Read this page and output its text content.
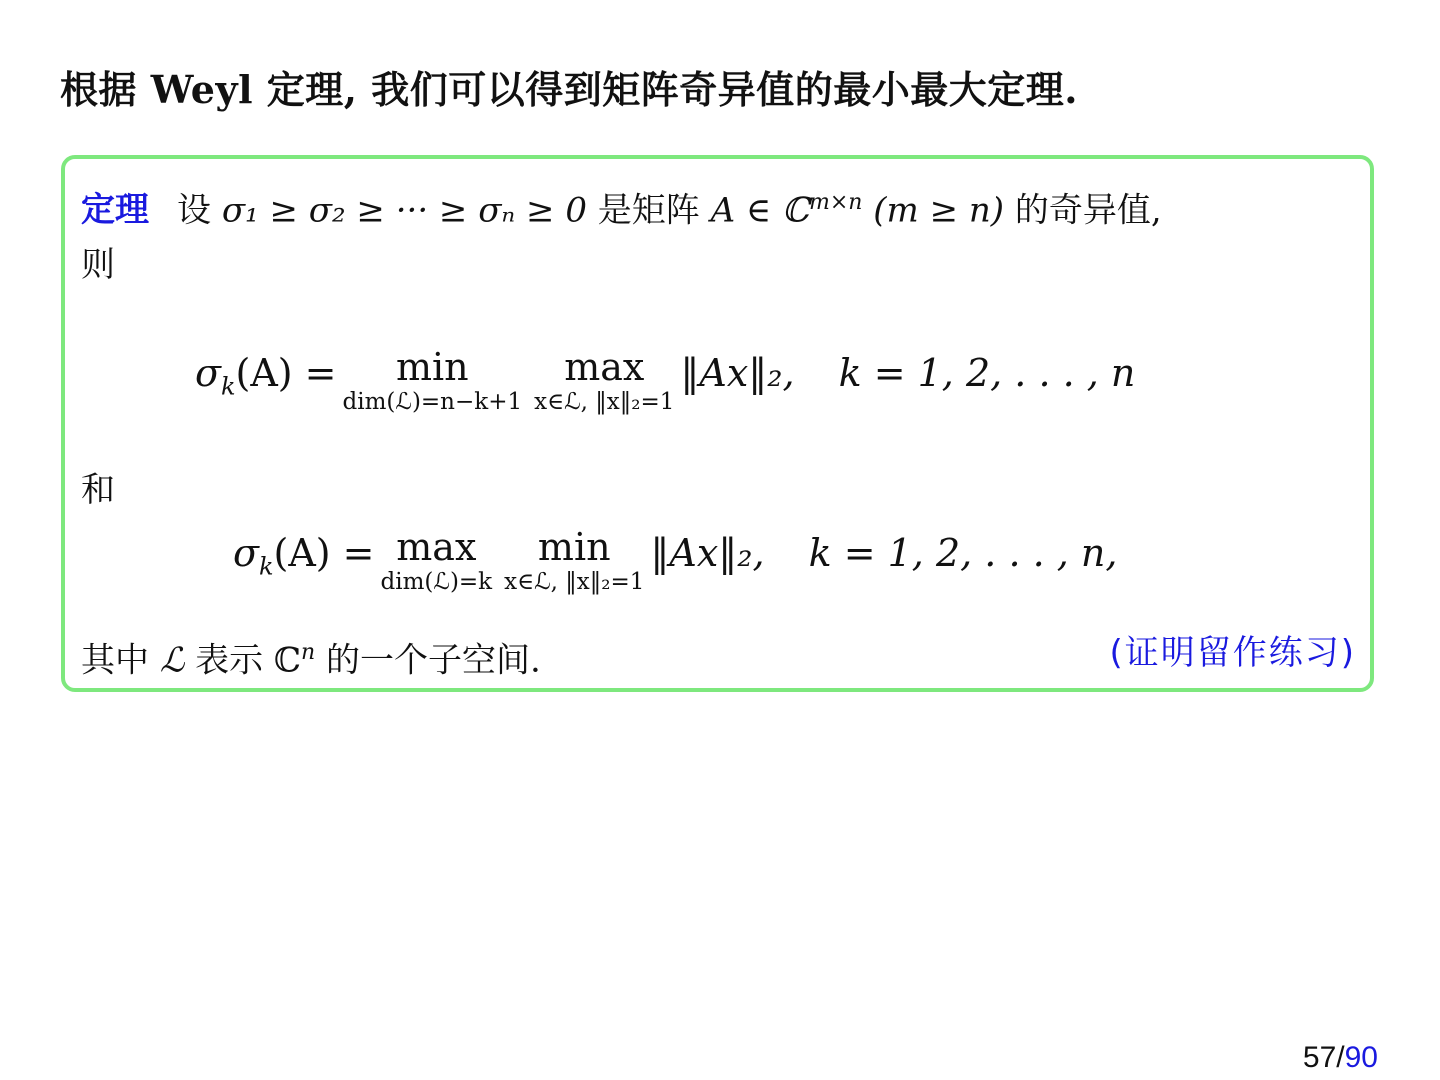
根据 Weyl 定理, 我们可以得到矩阵奇异值的最小最大定理.
定理 设 σ₁ ≥ σ₂ ≥ ··· ≥ σₙ ≥ 0 是矩阵 A ∈ ℂ$^{m\times n}$ (m ≥ n) 的奇异值,
则
$\sigma_k(A) = \min$
dim(ℒ)=n−k+1
max
x∈ℒ, ‖x‖₂=1
‖Ax‖₂, k = 1, 2, . . . , n
和
$\sigma_k(A) = \max$
dim(ℒ)=k
min
x∈ℒ, ‖x‖₂=1
‖Ax‖₂, k = 1, 2, . . . , n,
其中 ℒ 表示 ℂ$^n$ 的一个子空间.	(证明留作练习)
57/90
